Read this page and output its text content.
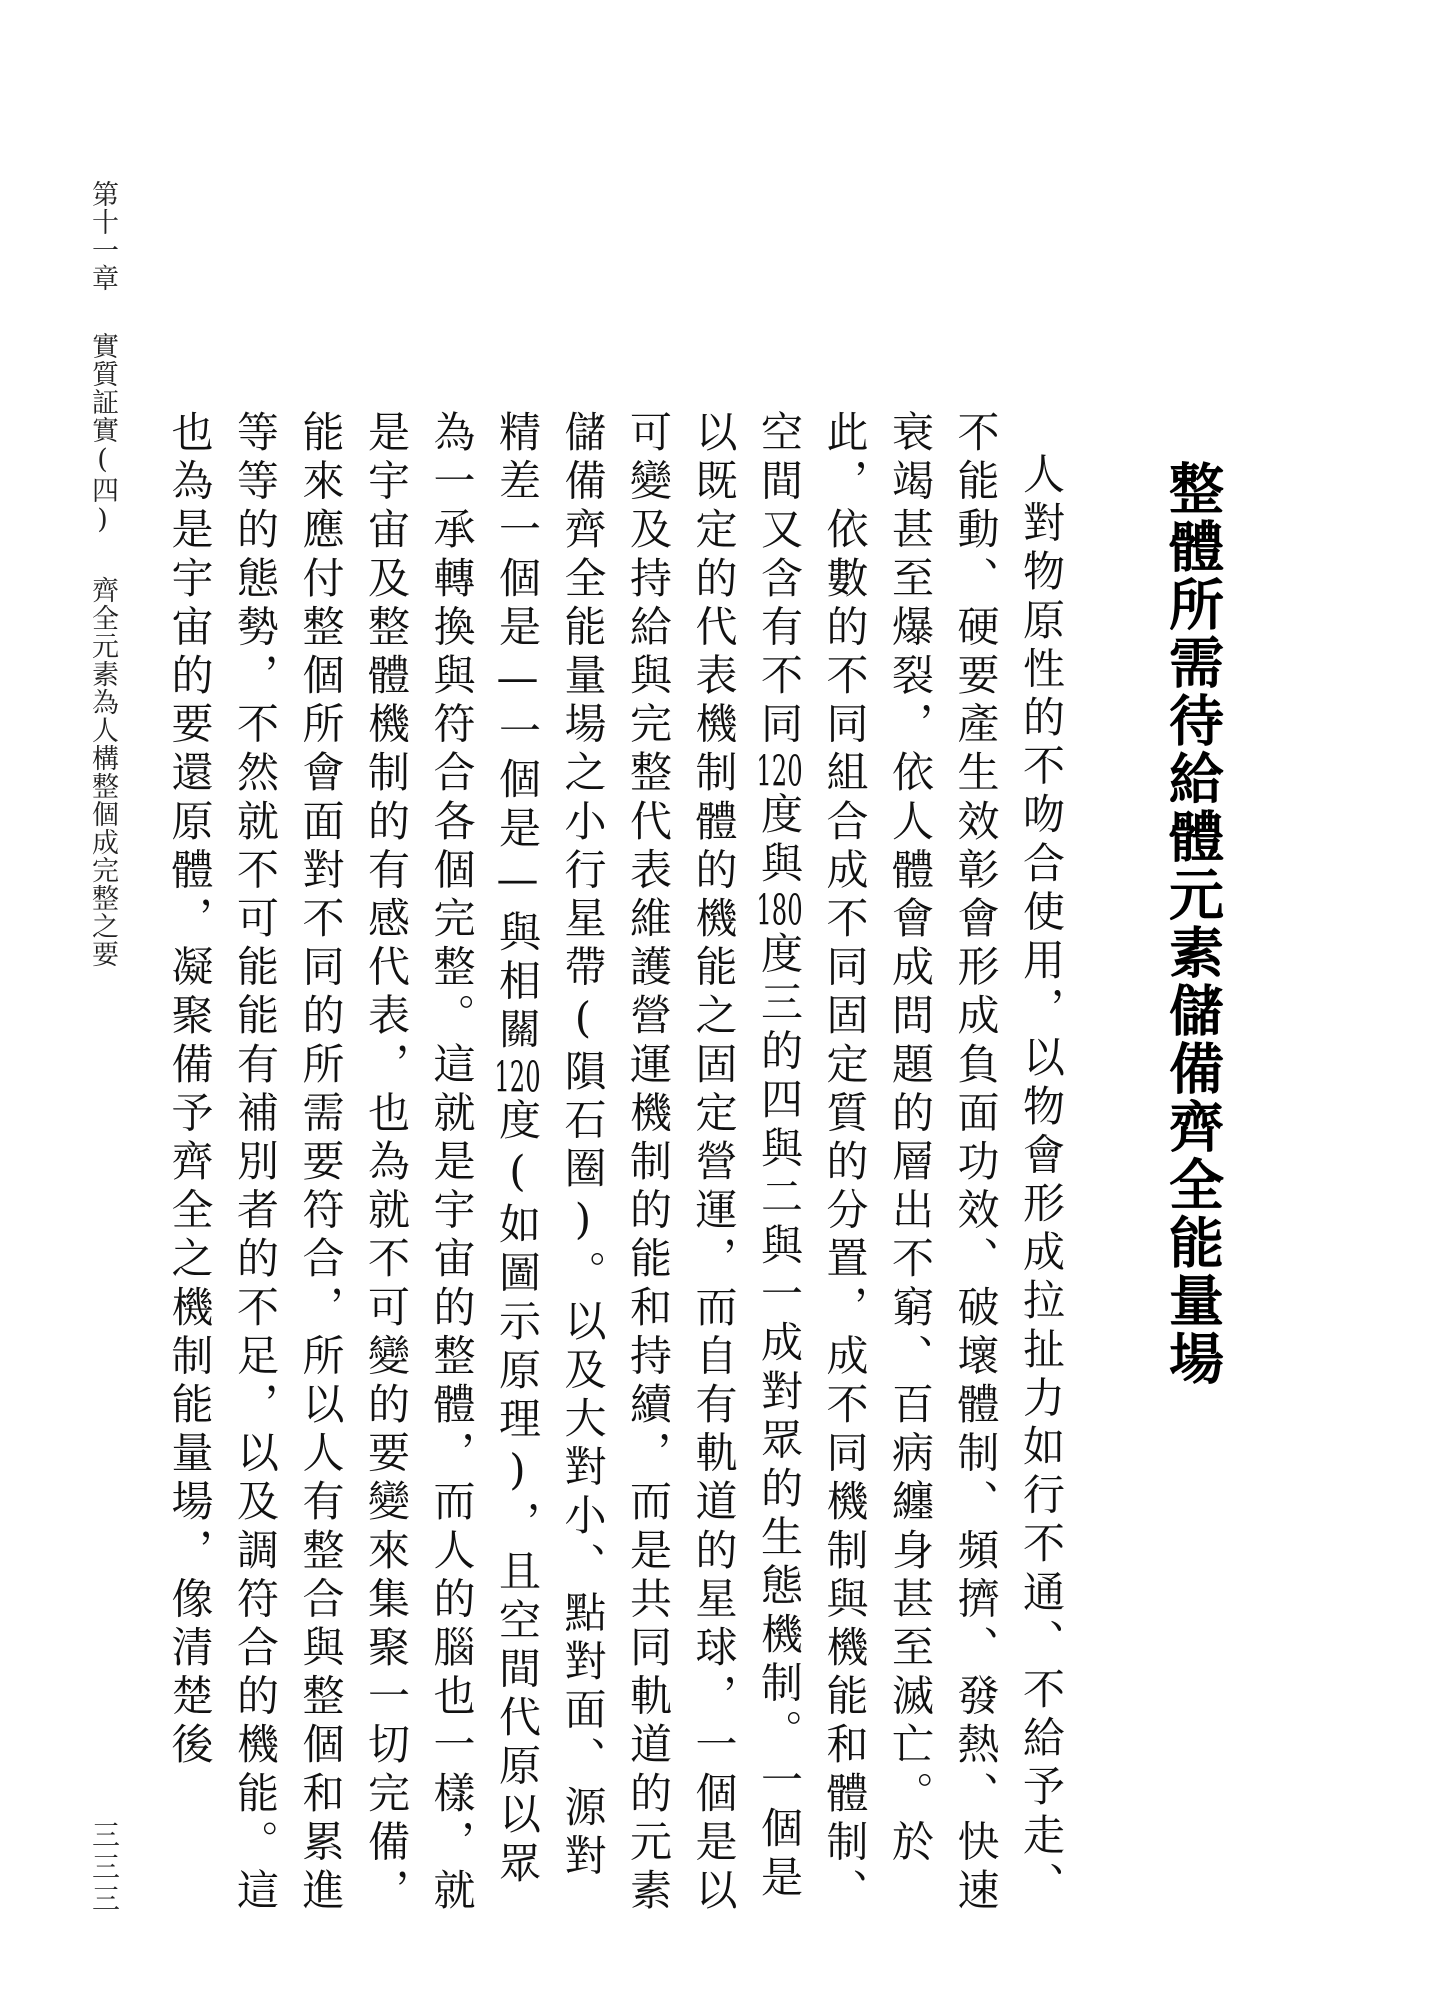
整體所需待給體元素儲備齊全能量場

人對物原性的不吻合使用，以物會形成拉扯力如行不通、不給予走、不能動、硬要產生效彰會形成負面功效、破壞體制、頻擠、發熱、快速衰竭甚至爆裂，依人體會成問題的層出不窮、百病纏身甚至滅亡。於此，依數的不同組合成不同固定質的分置，成不同機制與機能和體制、空間又含有不同120度與180度三的四與二與一成對眾的生態機制。一個是以既定的代表機制體的機能之固定營運，而自有軌道的星球，一個是以可變及持給與完整代表維護營運機制的能和持續，而是共同軌道的元素儲備齊全能量場之小行星帶(隕石圈)。以及大對小、點對面、源對精差一個是—一個是—與相關120度(如圖示原理)，且空間代原以眾為一承轉換與符合各個完整。這就是宇宙的整體，而人的腦也一樣，就是宇宙及整體機制的有感代表，也為就不可變的要變來集聚一切完備，能來應付整個所會面對不同的所需要符合，所以人有整合與整個和累進等等的態勢，不然就不可能能有補別者的不足，以及調符合的機能。這也為是宇宙的要還原體，凝聚備予齊全之機制能量場，像清楚後

第十一章實質証實(四)齊全元素為人構整個成完整之要
三三三
